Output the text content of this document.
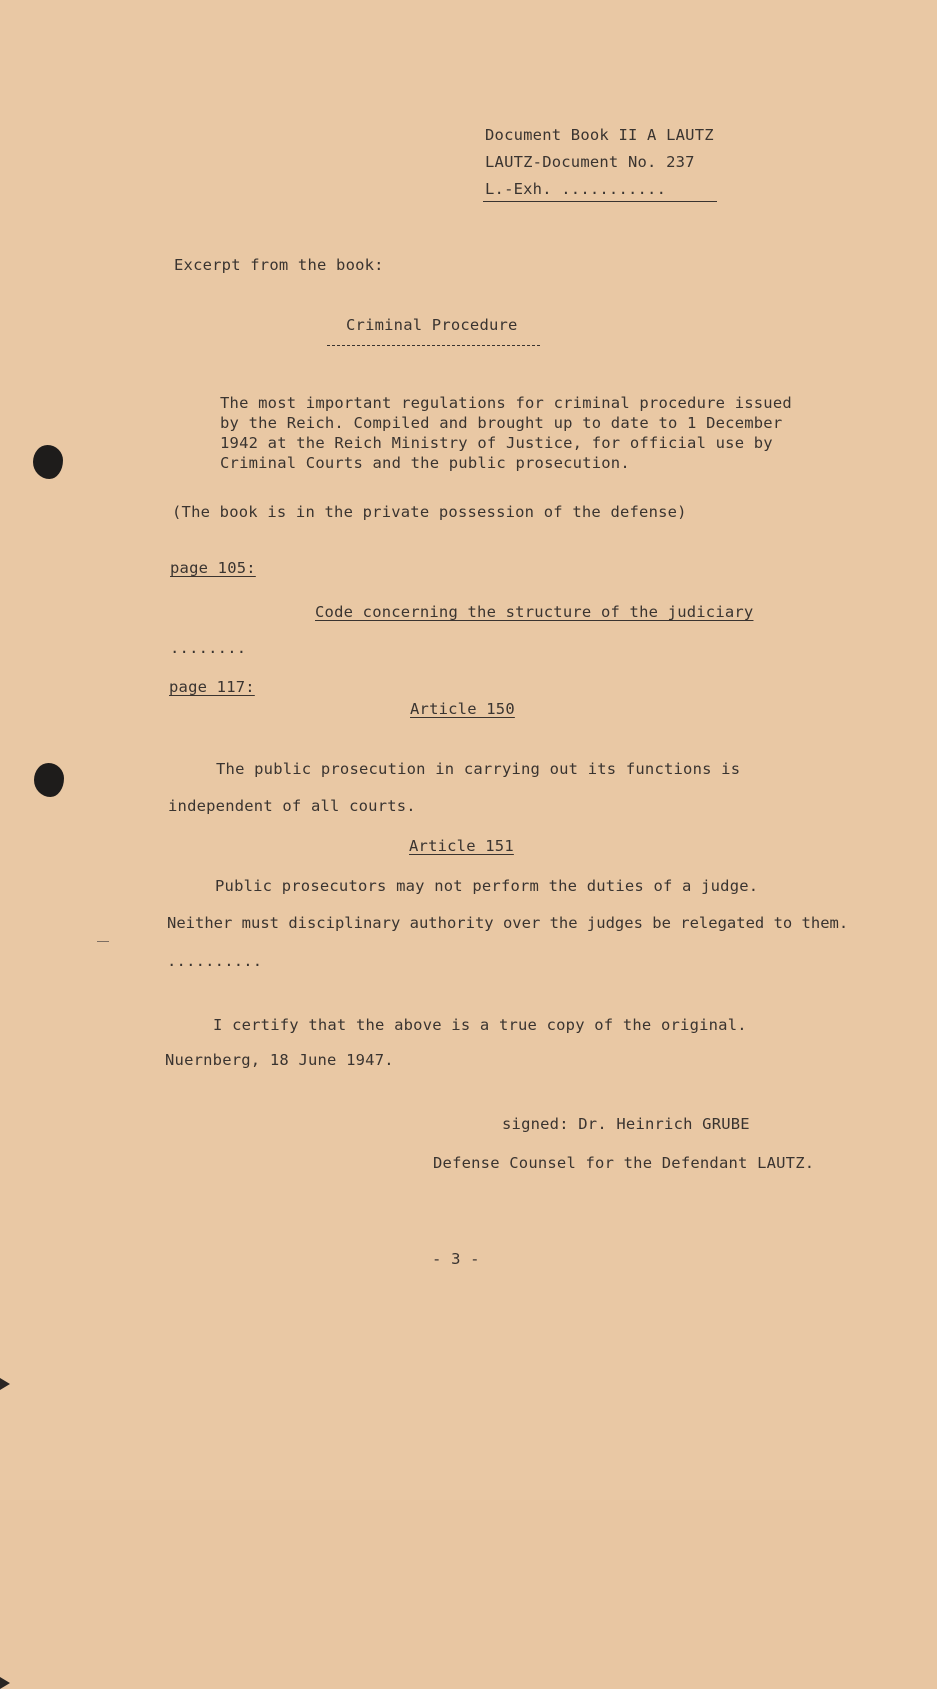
Document Book II A LAUTZ
LAUTZ-Document No. 237
L.-Exh. ...........
Excerpt from the book:
Criminal Procedure
The most important regulations for criminal procedure issued
by the Reich. Compiled and brought up to date to 1 December
1942 at the Reich Ministry of Justice, for official use by
Criminal Courts and the public prosecution.
(The book is in the private possession of the defense)
page 105:
Code concerning the structure of the judiciary
........
page 117:
Article 150
The public prosecution in carrying out its functions is
independent of all courts.
Article 151
Public prosecutors may not perform the duties of a judge.
Neither must disciplinary authority over the judges be relegated to them.
..........
I certify that the above is a true copy of the original.
Nuernberg, 18 June 1947.
signed: Dr. Heinrich GRUBE
Defense Counsel for the Defendant LAUTZ.
- 3 -
